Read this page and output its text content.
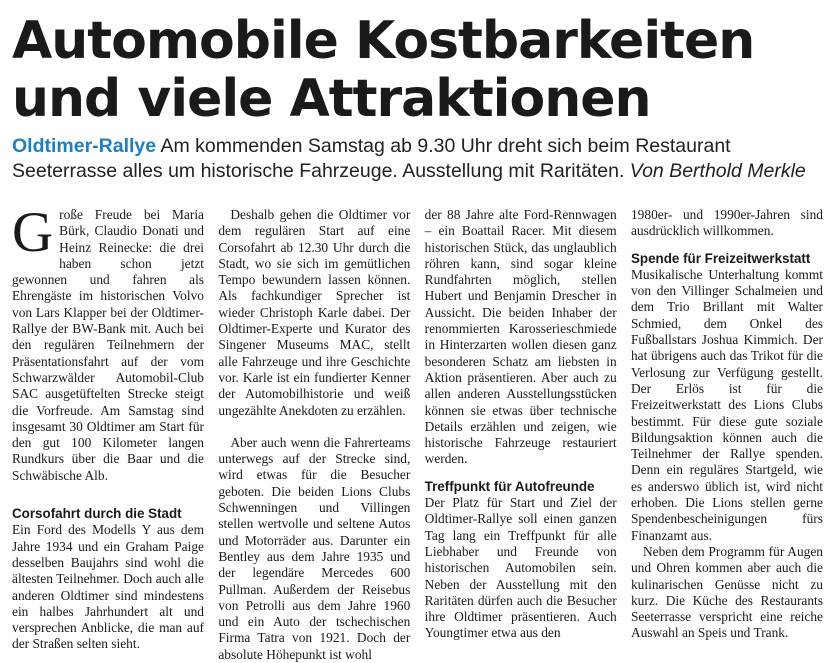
Automobile Kostbarkeiten
und viele Attraktionen

Oldtimer-Rallye Am kommenden Samstag ab 9.30 Uhr dreht sich beim Restaurant Seeterrasse alles um historische Fahrzeuge. Ausstellung mit Raritäten. Von Berthold Merkle

Große Freude bei Maria Bürk, Claudio Donati und Heinz Reinecke: die drei haben schon jetzt gewonnen und fahren als Ehrengäste im historischen Volvo von Lars Klapper bei der Oldtimer-Rallye der BW-Bank mit. Auch bei den regulären Teilnehmern der Präsentationsfahrt auf der vom Schwarzwälder Automobil-Club SAC ausgetüftelten Strecke steigt die Vorfreude. Am Samstag sind insgesamt 30 Oldtimer am Start für den gut 100 Kilometer langen Rundkurs über die Baar und die Schwäbische Alb.

Corsofahrt durch die Stadt

Ein Ford des Modells Y aus dem Jahre 1934 und ein Graham Paige desselben Baujahrs sind wohl die ältesten Teilnehmer. Doch auch alle anderen Oldtimer sind mindestens ein halbes Jahrhundert alt und versprechen Anblicke, die man auf der Straßen selten sieht.

Deshalb gehen die Oldtimer vor dem regulären Start auf eine Corsofahrt ab 12.30 Uhr durch die Stadt, wo sie sich im gemütlichen Tempo bewundern lassen können. Als fachkundiger Sprecher ist wieder Christoph Karle dabei. Der Oldtimer-Experte und Kurator des Singener Museums MAC, stellt alle Fahrzeuge und ihre Geschichte vor. Karle ist ein fundierter Kenner der Automobilhistorie und weiß ungezählte Anekdoten zu erzählen.

Aber auch wenn die Fahrerteams unterwegs auf der Strecke sind, wird etwas für die Besucher geboten. Die beiden Lions Clubs Schwenningen und Villingen stellen wertvolle und seltene Autos und Motorräder aus. Darunter ein Bentley aus dem Jahre 1935 und der legendäre Mercedes 600 Pullman. Außerdem der Reisebus von Petrolli aus dem Jahre 1960 und ein Auto der tschechischen Firma Tatra von 1921. Doch der absolute Höhepunkt ist wohl

der 88 Jahre alte Ford-Rennwagen – ein Boattail Racer. Mit diesem historischen Stück, das unglaublich röhren kann, sind sogar kleine Rundfahrten möglich, stellen Hubert und Benjamin Drescher in Aussicht. Die beiden Inhaber der renommierten Karosserieschmiede in Hinterzarten wollen diesen ganz besonderen Schatz am liebsten in Aktion präsentieren. Aber auch zu allen anderen Ausstellungsstücken können sie etwas über technische Details erzählen und zeigen, wie historische Fahrzeuge restauriert werden.

Treffpunkt für Autofreunde

Der Platz für Start und Ziel der Oldtimer-Rallye soll einen ganzen Tag lang ein Treffpunkt für alle Liebhaber und Freunde von historischen Automobilen sein. Neben der Ausstellung mit den Raritäten dürfen auch die Besucher ihre Oldtimer präsentieren. Auch Youngtimer etwa aus den

1980er- und 1990er-Jahren sind ausdrücklich willkommen.

Spende für Freizeitwerkstatt

Musikalische Unterhaltung kommt von den Villinger Schalmeien und dem Trio Brillant mit Walter Schmied, dem Onkel des Fußballstars Joshua Kimmich. Der hat übrigens auch das Trikot für die Verlosung zur Verfügung gestellt. Der Erlös ist für die Freizeitwerkstatt des Lions Clubs bestimmt. Für diese gute soziale Bildungsaktion können auch die Teilnehmer der Rallye spenden. Denn ein reguläres Startgeld, wie es anderswo üblich ist, wird nicht erhoben. Die Lions stellen gerne Spendenbescheinigungen fürs Finanzamt aus.

Neben dem Programm für Augen und Ohren kommen aber auch die kulinarischen Genüsse nicht zu kurz. Die Küche des Restaurants Seeterrasse verspricht eine reiche Auswahl an Speis und Trank.
